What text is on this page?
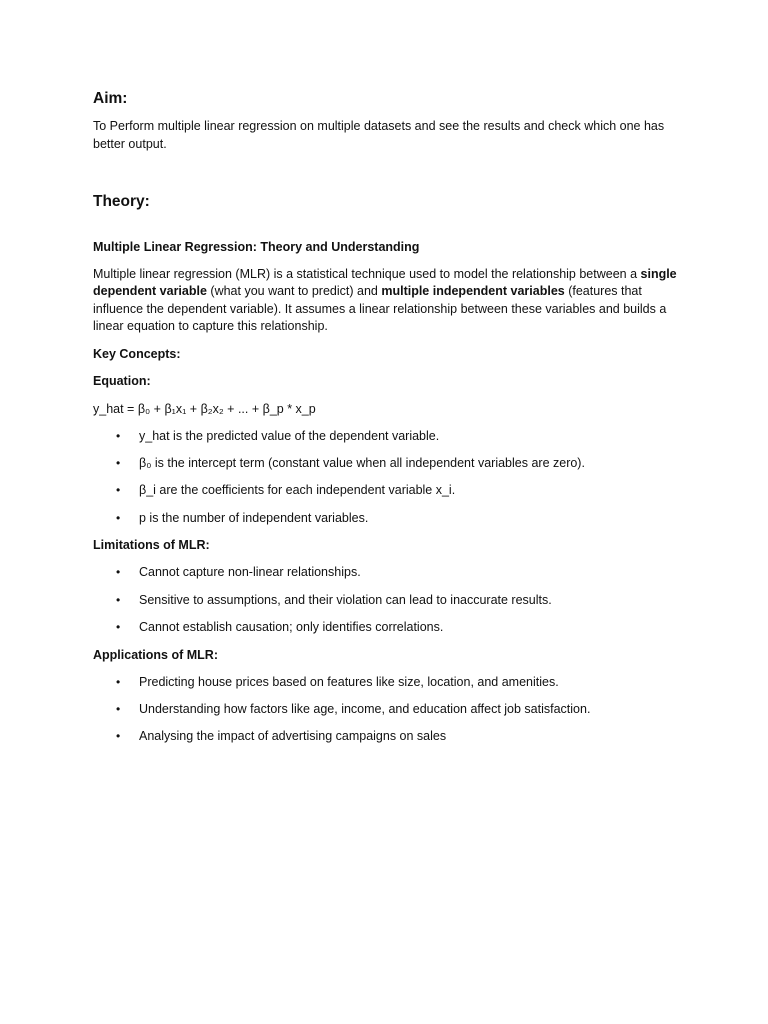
Aim:

To Perform multiple linear regression on multiple datasets and see the results and check which one has better output.

Theory:

Multiple Linear Regression: Theory and Understanding

Multiple linear regression (MLR) is a statistical technique used to model the relationship between a single dependent variable (what you want to predict) and multiple independent variables (features that influence the dependent variable). It assumes a linear relationship between these variables and builds a linear equation to capture this relationship.

Key Concepts:

Equation:

y_hat = β₀ + β₁x₁ + β₂x₂ + ... + β_p * x_p

• y_hat is the predicted value of the dependent variable.
• β₀ is the intercept term (constant value when all independent variables are zero).
• β_i are the coefficients for each independent variable x_i.
• p is the number of independent variables.

Limitations of MLR:

• Cannot capture non-linear relationships.
• Sensitive to assumptions, and their violation can lead to inaccurate results.
• Cannot establish causation; only identifies correlations.

Applications of MLR:

• Predicting house prices based on features like size, location, and amenities.
• Understanding how factors like age, income, and education affect job satisfaction.
• Analysing the impact of advertising campaigns on sales
